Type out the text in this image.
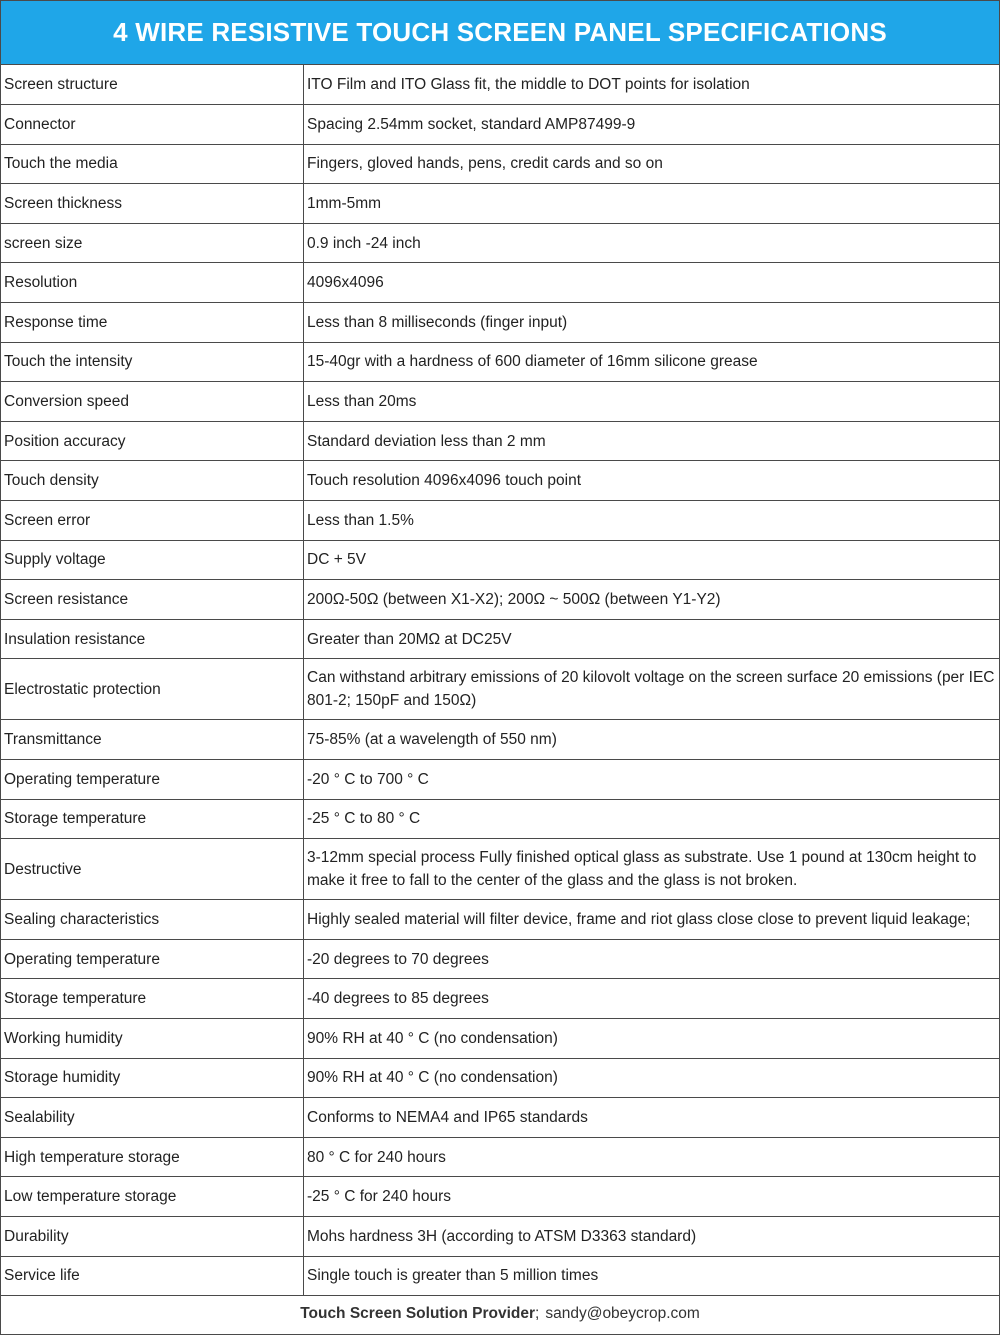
4 WIRE RESISTIVE TOUCH SCREEN PANEL SPECIFICATIONS
Screen structure	ITO Film and ITO Glass fit, the middle to DOT points for isolation
Connector	Spacing 2.54mm socket, standard AMP87499-9
Touch the media	Fingers, gloved hands, pens, credit cards and so on
Screen thickness	1mm-5mm
screen size	0.9 inch -24 inch
Resolution	4096x4096
Response time	Less than 8 milliseconds (finger input)
Touch the intensity	15-40gr with a hardness of 600 diameter of 16mm silicone grease
Conversion speed	Less than 20ms
Position accuracy	Standard deviation less than 2 mm
Touch density	Touch resolution 4096x4096 touch point
Screen error	Less than 1.5%
Supply voltage	DC + 5V
Screen resistance	200Ω-50Ω (between X1-X2); 200Ω ~ 500Ω (between Y1-Y2)
Insulation resistance	Greater than 20MΩ at DC25V
Electrostatic protection	Can withstand arbitrary emissions of 20 kilovolt voltage on the screen surface 20 emissions (per IEC 801-2; 150pF and 150Ω)
Transmittance	75-85% (at a wavelength of 550 nm)
Operating temperature	-20 ° C to 700 ° C
Storage temperature	-25 ° C to 80 ° C
Destructive	3-12mm special process Fully finished optical glass as substrate. Use 1 pound at 130cm height to make it free to fall to the center of the glass and the glass is not broken.
Sealing characteristics	Highly sealed material will filter device, frame and riot glass close close to prevent liquid leakage;
Operating temperature	-20 degrees to 70 degrees
Storage temperature	-40 degrees to 85 degrees
Working humidity	90% RH at 40 ° C (no condensation)
Storage humidity	90% RH at 40 ° C (no condensation)
Sealability	Conforms to NEMA4 and IP65 standards
High temperature storage	80 ° C for 240 hours
Low temperature storage	-25 ° C for 240 hours
Durability	Mohs hardness 3H (according to ATSM D3363 standard)
Service life	Single touch is greater than 5 million times
Touch Screen Solution Provider ; sandy@obeycrop.com
